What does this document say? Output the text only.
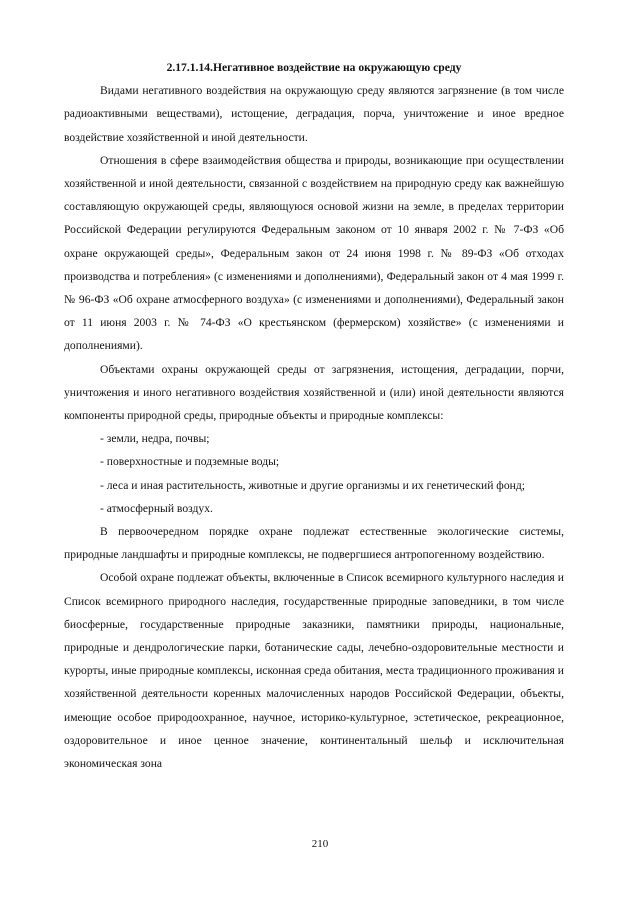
2.17.1.14.Негативное воздействие на окружающую среду

Видами негативного воздействия на окружающую среду являются загрязнение (в том числе радиоактивными веществами), истощение, деградация, порча, уничтожение и иное вредное воздействие хозяйственной и иной деятельности.

Отношения в сфере взаимодействия общества и природы, возникающие при осуществлении хозяйственной и иной деятельности, связанной с воздействием на природную среду как важнейшую составляющую окружающей среды, являющуюся основой жизни на земле, в пределах территории Российской Федерации регулируются Федеральным законом от 10 января 2002 г. № 7-ФЗ «Об охране окружающей среды», Федеральным закон от 24 июня 1998 г. № 89-ФЗ «Об отходах производства и потребления» (с изменениями и дополнениями), Федеральный закон от 4 мая 1999 г. № 96-ФЗ «Об охране атмосферного воздуха» (с изменениями и дополнениями), Федеральный закон от 11 июня 2003 г. № 74-ФЗ «О крестьянском (фермерском) хозяйстве» (с изменениями и дополнениями).

Объектами охраны окружающей среды от загрязнения, истощения, деградации, порчи, уничтожения и иного негативного воздействия хозяйственной и (или) иной деятельности являются компоненты природной среды, природные объекты и природные комплексы:

- земли, недра, почвы;

- поверхностные и подземные воды;

- леса и иная растительность, животные и другие организмы и их генетический фонд;

- атмосферный воздух.

В первоочередном порядке охране подлежат естественные экологические системы, природные ландшафты и природные комплексы, не подвергшиеся антропогенному воздействию.

Особой охране подлежат объекты, включенные в Список всемирного культурного наследия и Список всемирного природного наследия, государственные природные заповедники, в том числе биосферные, государственные природные заказники, памятники природы, национальные, природные и дендрологические парки, ботанические сады, лечебно-оздоровительные местности и курорты, иные природные комплексы, исконная среда обитания, места традиционного проживания и хозяйственной деятельности коренных малочисленных народов Российской Федерации, объекты, имеющие особое природоохранное, научное, историко-культурное, эстетическое, рекреационное, оздоровительное и иное ценное значение, континентальный шельф и исключительная экономическая зона

210
